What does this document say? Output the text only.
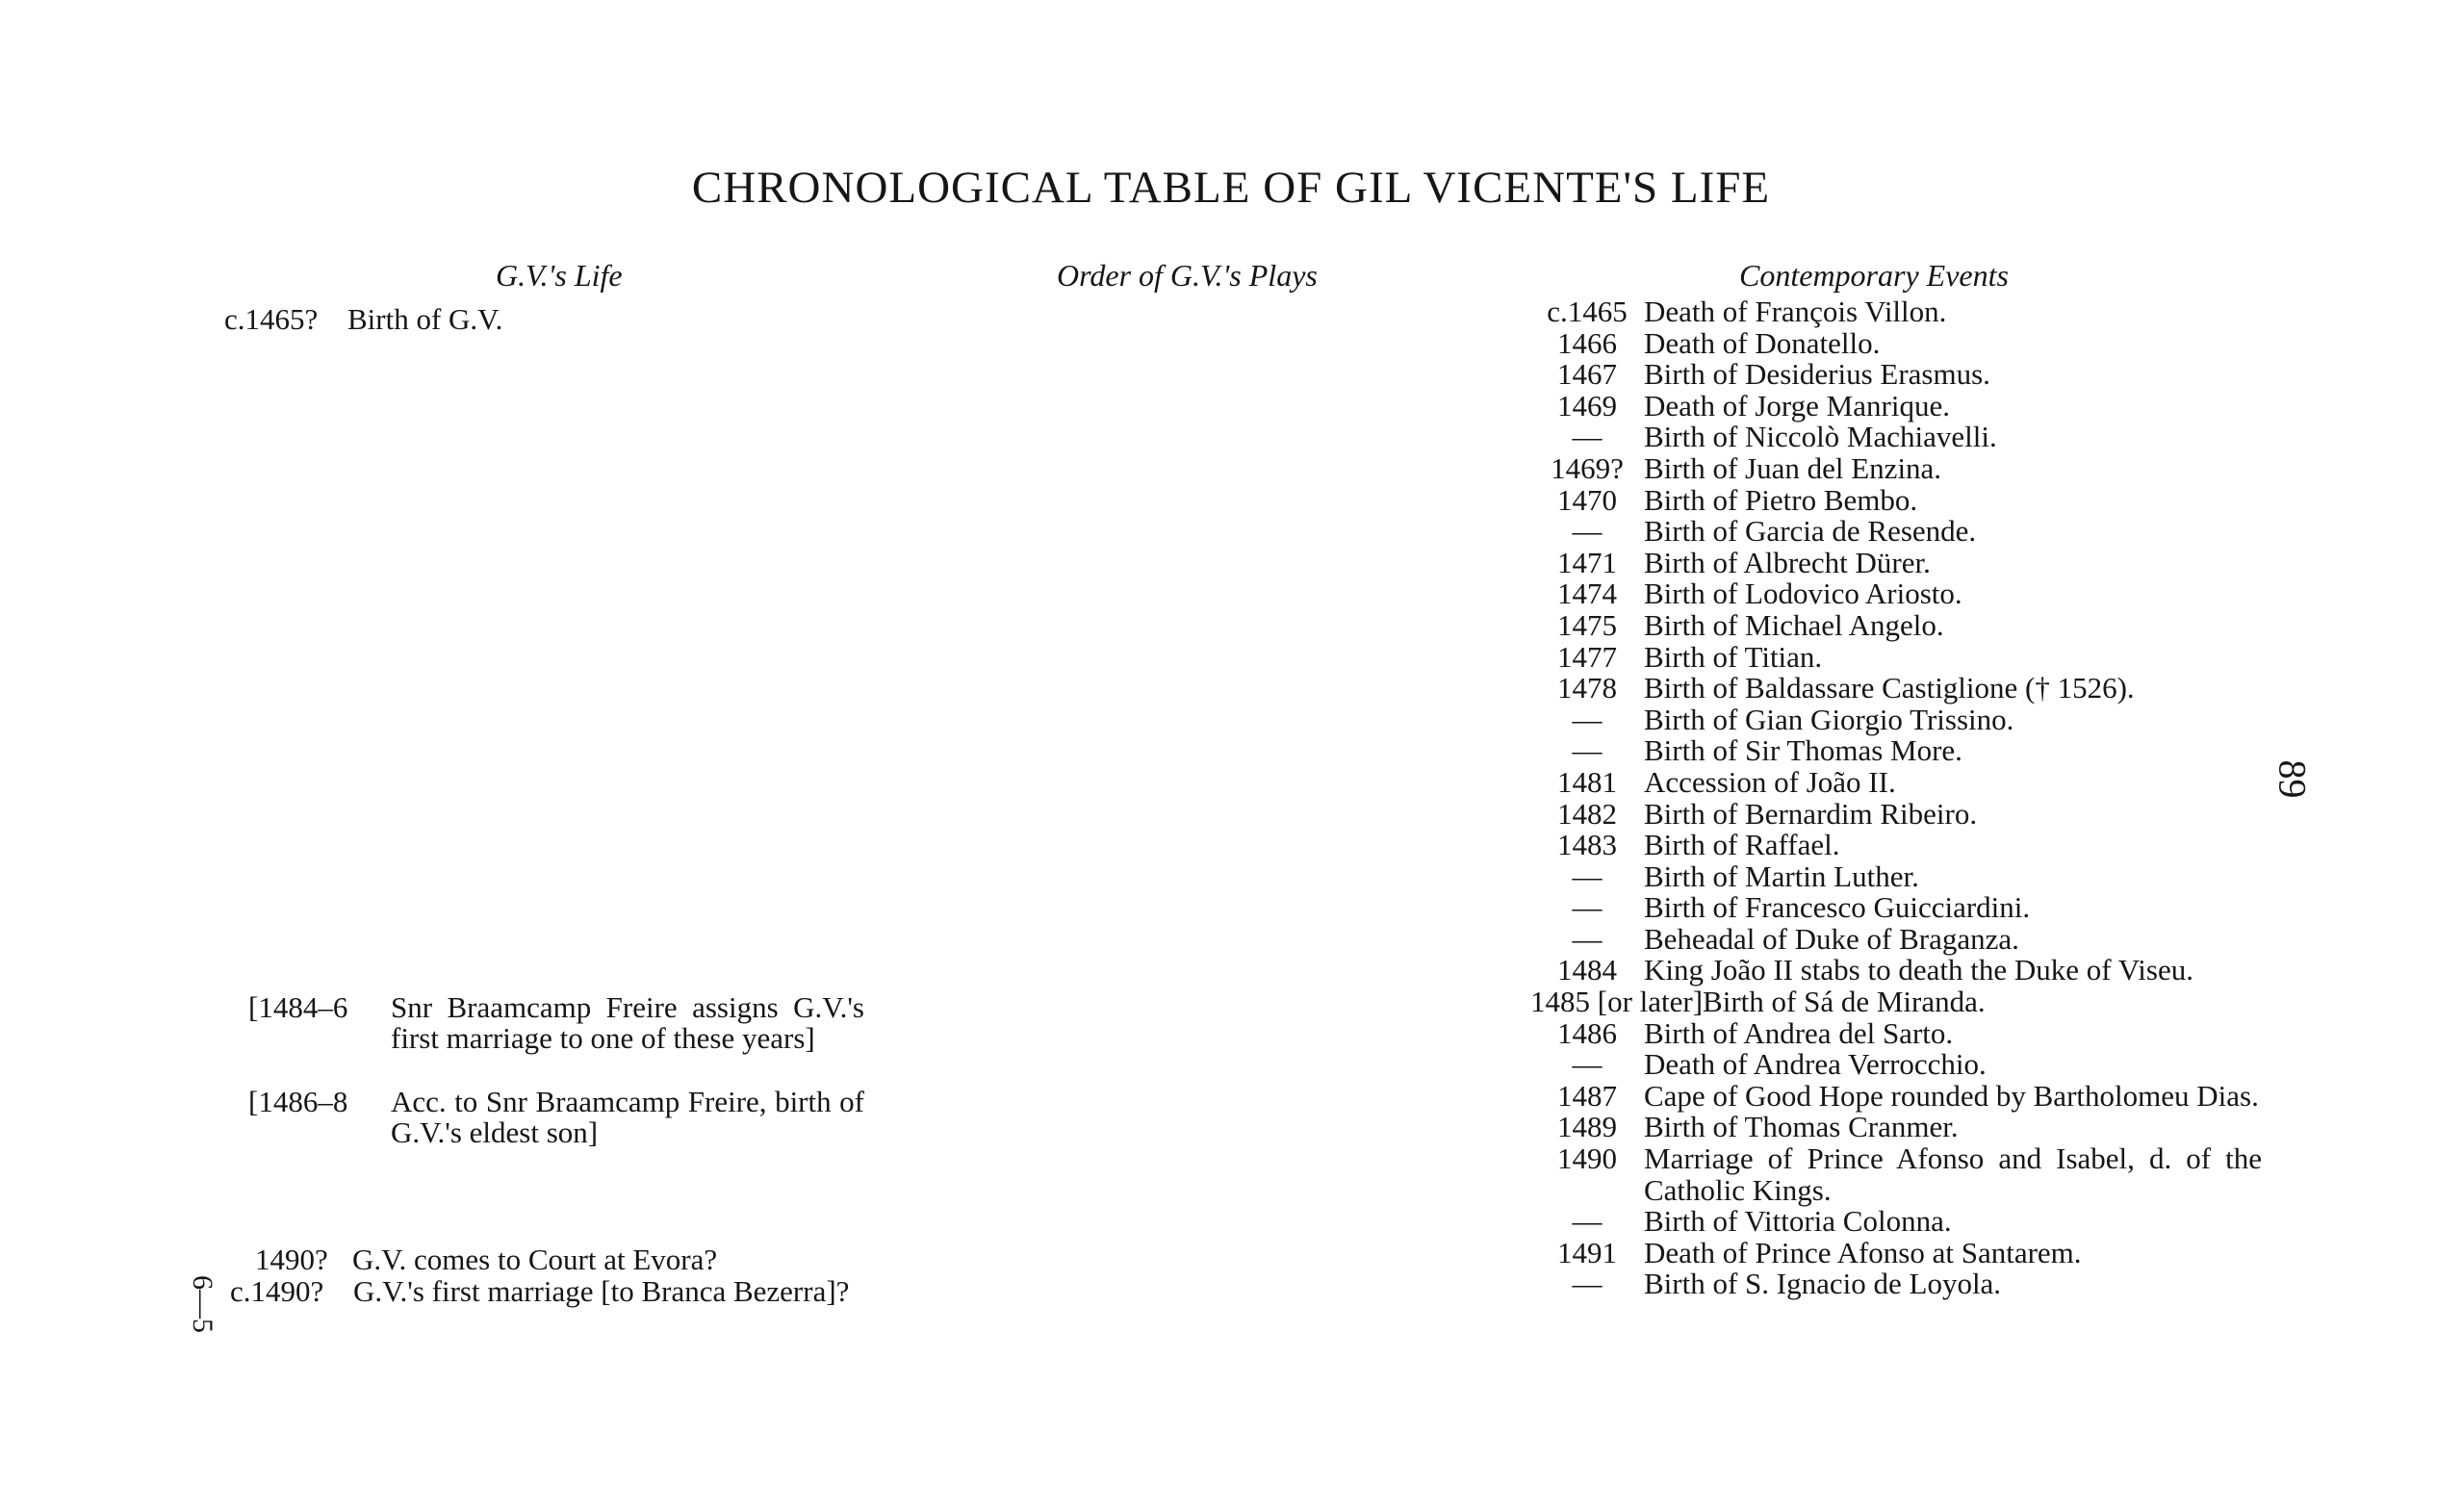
CHRONOLOGICAL TABLE OF GIL VICENTE'S LIFE
G.V.'s Life	Order of G.V.'s Plays	Contemporary Events
c.1465? Birth of G.V.
[1484–6	Snr Braamcamp Freire assigns G.V.'s first marriage to one of these years]
[1486–8	Acc. to Snr Braamcamp Freire, birth of G.V.'s eldest son]
1490? G.V. comes to Court at Evora?
c.1490? G.V.'s first marriage [to Branca Bezerra]?
c.1465 Death of François Villon.
1466 Death of Donatello.
1467 Birth of Desiderius Erasmus.
1469 Death of Jorge Manrique.
—	Birth of Niccolò Machiavelli.
1469? Birth of Juan del Enzina.
1470 Birth of Pietro Bembo.
—	Birth of Garcia de Resende.
1471 Birth of Albrecht Dürer.
1474 Birth of Lodovico Ariosto.
1475 Birth of Michael Angelo.
1477 Birth of Titian.
1478 Birth of Baldassare Castiglione († 1526).
—	Birth of Gian Giorgio Trissino.
—	Birth of Sir Thomas More.
1481 Accession of João II.
1482 Birth of Bernardim Ribeiro.
1483 Birth of Raffael.
—	Birth of Martin Luther.
—	Birth of Francesco Guicciardini.
—	Beheadal of Duke of Braganza.
1484 King João II stabs to death the Duke of Viseu.
1485 [or later] Birth of Sá de Miranda.
1486 Birth of Andrea del Sarto.
—	Death of Andrea Verrocchio.
1487 Cape of Good Hope rounded by Bartholomeu Dias.
1489 Birth of Thomas Cranmer.
1490 Marriage of Prince Afonso and Isabel, d. of the Catholic Kings.
—	Birth of Vittoria Colonna.
1491 Death of Prince Afonso at Santarem.
—	Birth of S. Ignacio de Loyola.
89
6—5
